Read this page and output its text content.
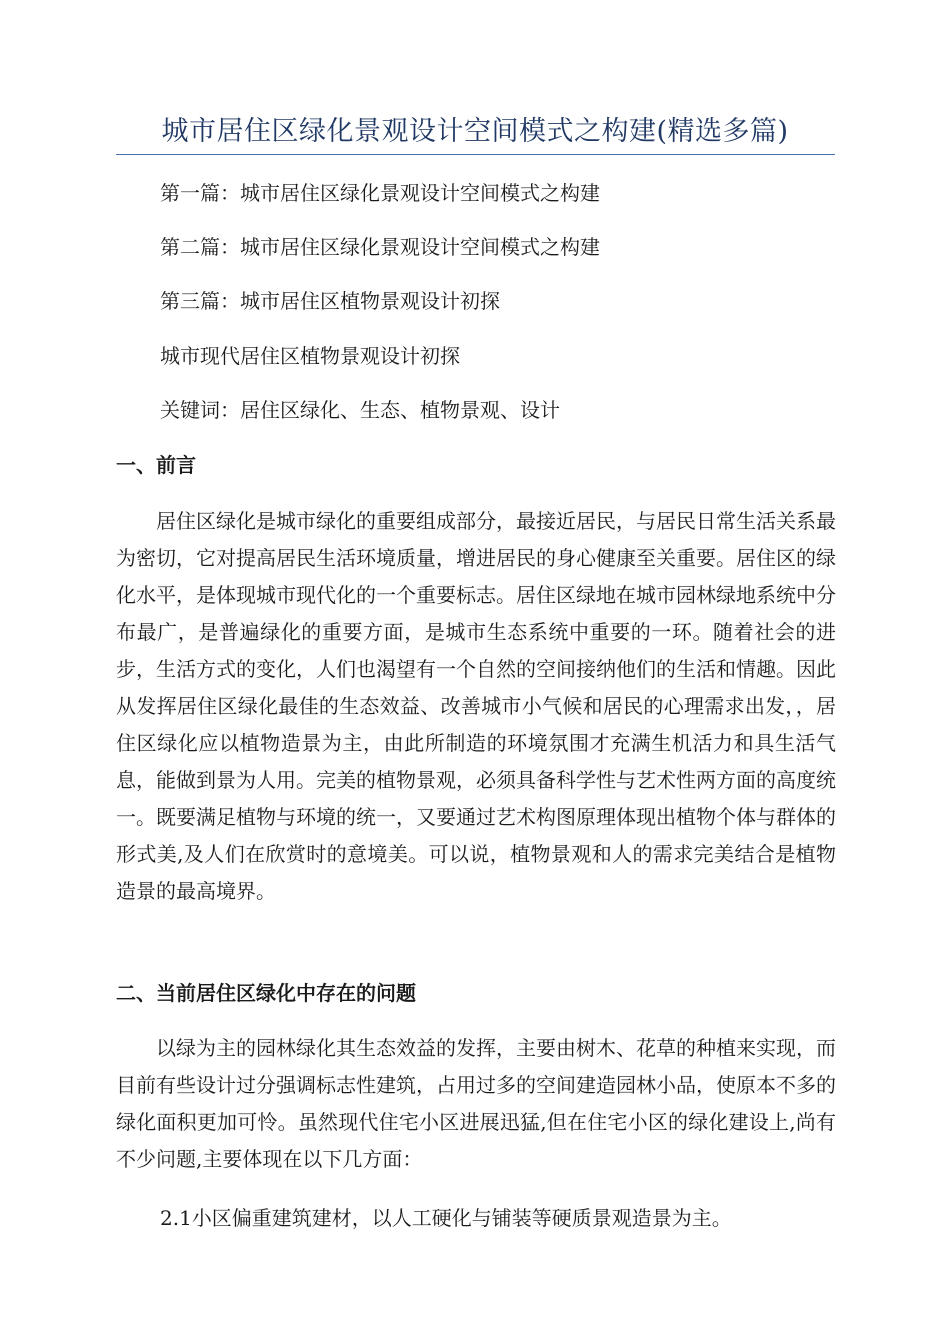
城市居住区绿化景观设计空间模式之构建(精选多篇)
第一篇：城市居住区绿化景观设计空间模式之构建
第二篇：城市居住区绿化景观设计空间模式之构建
第三篇：城市居住区植物景观设计初探
城市现代居住区植物景观设计初探
关键词：居住区绿化、生态、植物景观、设计
一、前言

居住区绿化是城市绿化的重要组成部分，最接近居民，与居民日常生活关系最为密切，它对提高居民生活环境质量，增进居民的身心健康至关重要。居住区的绿化水平，是体现城市现代化的一个重要标志。居住区绿地在城市园林绿地系统中分布最广，是普遍绿化的重要方面，是城市生态系统中重要的一环。随着社会的进步，生活方式的变化，人们也渴望有一个自然的空间接纳他们的生活和情趣。因此从发挥居住区绿化最佳的生态效益、改善城市小气候和居民的心理需求出发，，居住区绿化应以植物造景为主，由此所制造的环境氛围才充满生机活力和具生活气息，能做到景为人用。完美的植物景观，必须具备科学性与艺术性两方面的高度统一。既要满足植物与环境的统一，又要通过艺术构图原理体现出植物个体与群体的形式美,及人们在欣赏时的意境美。可以说，植物景观和人的需求完美结合是植物造景的最高境界。

二、当前居住区绿化中存在的问题

以绿为主的园林绿化其生态效益的发挥，主要由树木、花草的种植来实现，而目前有些设计过分强调标志性建筑，占用过多的空间建造园林小品，使原本不多的绿化面积更加可怜。虽然现代住宅小区进展迅猛,但在住宅小区的绿化建设上,尚有不少问题,主要体现在以下几方面：

2.1小区偏重建筑建材，以人工硬化与铺装等硬质景观造景为主。
